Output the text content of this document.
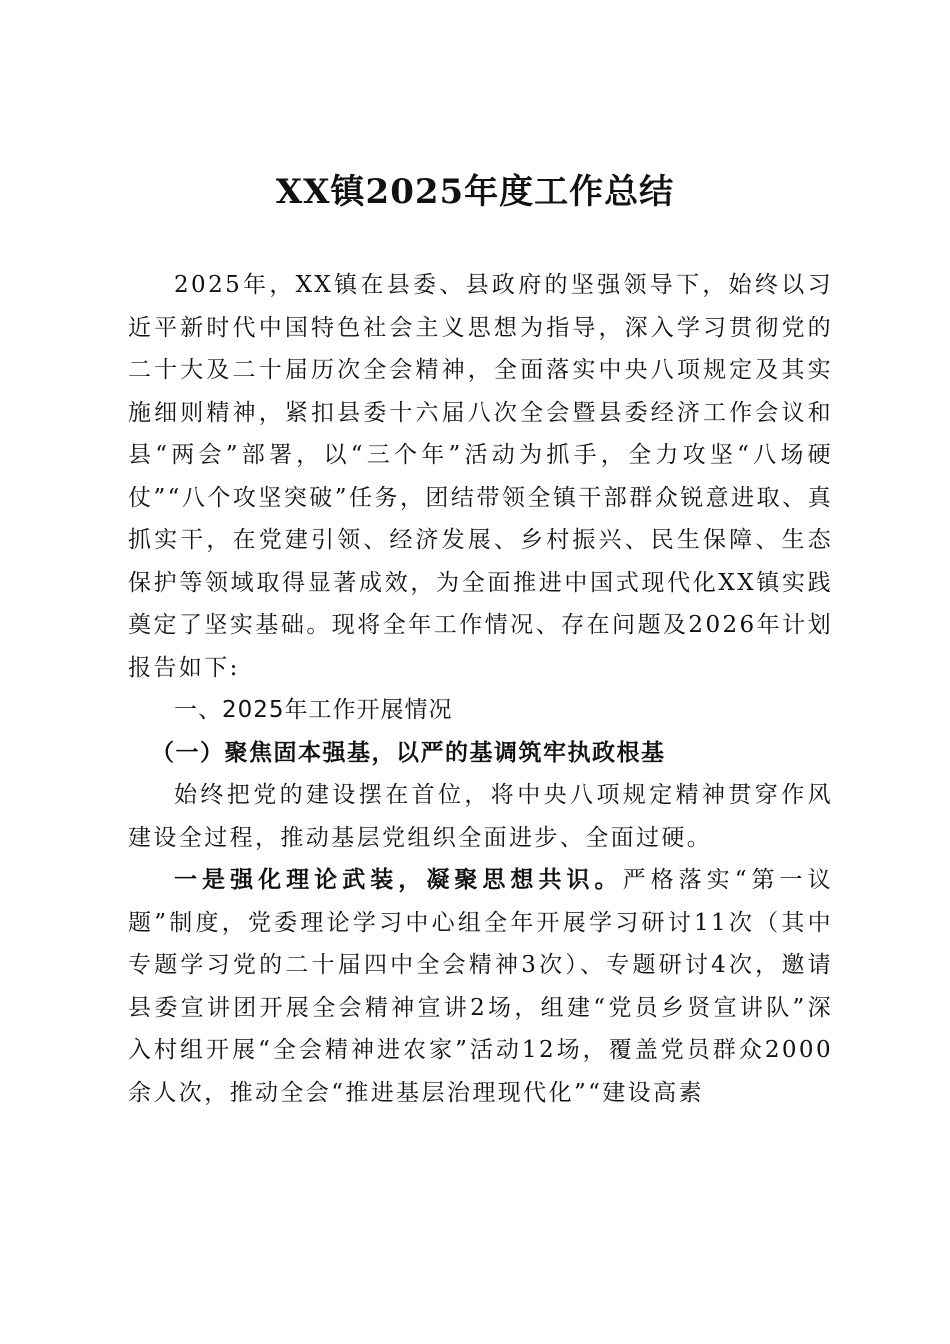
XX镇2025年度工作总结

2025年，XX镇在县委、县政府的坚强领导下，始终以习近平新时代中国特色社会主义思想为指导，深入学习贯彻党的二十大及二十届历次全会精神，全面落实中央八项规定及其实施细则精神，紧扣县委十六届八次全会暨县委经济工作会议和县“两会”部署，以“三个年”活动为抓手，全力攻坚“八场硬仗”“八个攻坚突破”任务，团结带领全镇干部群众锐意进取、真抓实干，在党建引领、经济发展、乡村振兴、民生保障、生态保护等领域取得显著成效，为全面推进中国式现代化XX镇实践奠定了坚实基础。现将全年工作情况、存在问题及2026年计划报告如下:

一、2025年工作开展情况

（一）聚焦固本强基，以严的基调筑牢执政根基

始终把党的建设摆在首位，将中央八项规定精神贯穿作风建设全过程，推动基层党组织全面进步、全面过硬。

一是强化理论武装，凝聚思想共识。严格落实“第一议题”制度，党委理论学习中心组全年开展学习研讨11次（其中专题学习党的二十届四中全会精神3次）、专题研讨4次，邀请县委宣讲团开展全会精神宣讲2场，组建“党员乡贤宣讲队”深入村组开展“全会精神进农家”活动12场，覆盖党员群众2000余人次，推动全会“推进基层治理现代化”“建设高素
